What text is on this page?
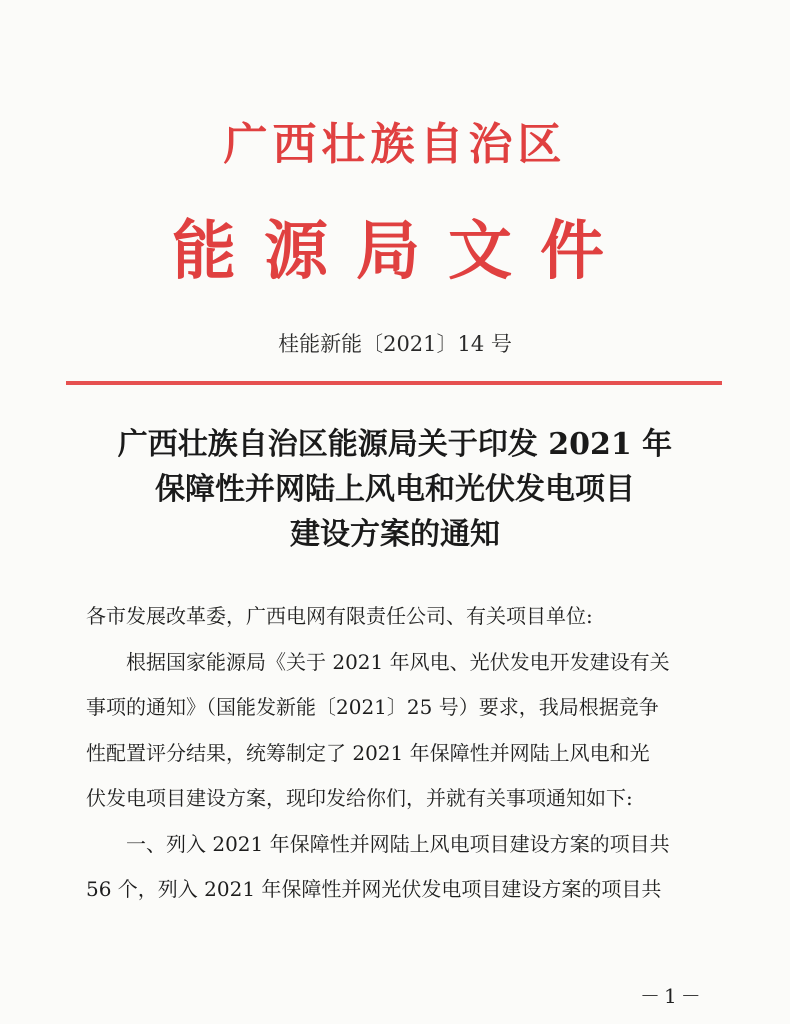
广西壮族自治区
能源局文件
桂能新能〔2021〕14 号
广西壮族自治区能源局关于印发 2021 年
保障性并网陆上风电和光伏发电项目
建设方案的通知
各市发展改革委，广西电网有限责任公司、有关项目单位:
根据国家能源局《关于 2021 年风电、光伏发电开发建设有关
事项的通知》（国能发新能〔2021〕25 号）要求，我局根据竞争
性配置评分结果，统筹制定了 2021 年保障性并网陆上风电和光
伏发电项目建设方案，现印发给你们，并就有关事项通知如下:
一、列入 2021 年保障性并网陆上风电项目建设方案的项目共
56 个，列入 2021 年保障性并网光伏发电项目建设方案的项目共
－1－
